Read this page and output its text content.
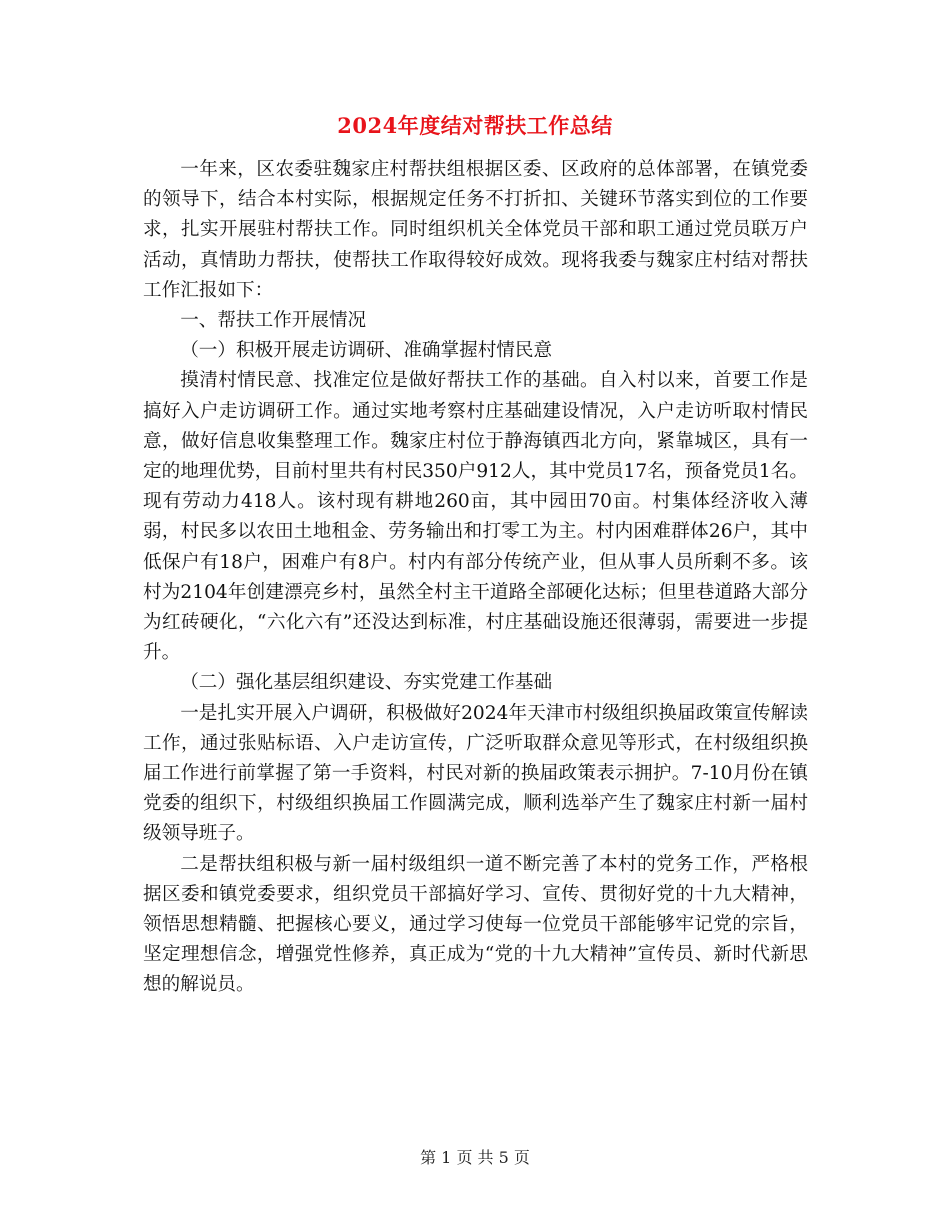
2024年度结对帮扶工作总结

一年来，区农委驻魏家庄村帮扶组根据区委、区政府的总体部署，在镇党委的领导下，结合本村实际，根据规定任务不打折扣、关键环节落实到位的工作要求，扎实开展驻村帮扶工作。同时组织机关全体党员干部和职工通过党员联万户活动，真情助力帮扶，使帮扶工作取得较好成效。现将我委与魏家庄村结对帮扶工作汇报如下：

一、帮扶工作开展情况

（一）积极开展走访调研、准确掌握村情民意

摸清村情民意、找准定位是做好帮扶工作的基础。自入村以来，首要工作是搞好入户走访调研工作。通过实地考察村庄基础建设情况，入户走访听取村情民意，做好信息收集整理工作。魏家庄村位于静海镇西北方向，紧靠城区，具有一定的地理优势，目前村里共有村民350户912人，其中党员17名，预备党员1名。现有劳动力418人。该村现有耕地260亩，其中园田70亩。村集体经济收入薄弱，村民多以农田土地租金、劳务输出和打零工为主。村内困难群体26户，其中低保户有18户，困难户有8户。村内有部分传统产业，但从事人员所剩不多。该村为2104年创建漂亮乡村，虽然全村主干道路全部硬化达标；但里巷道路大部分为红砖硬化，“六化六有”还没达到标准，村庄基础设施还很薄弱，需要进一步提升。

（二）强化基层组织建设、夯实党建工作基础

一是扎实开展入户调研，积极做好2024年天津市村级组织换届政策宣传解读工作，通过张贴标语、入户走访宣传，广泛听取群众意见等形式，在村级组织换届工作进行前掌握了第一手资料，村民对新的换届政策表示拥护。7-10月份在镇党委的组织下，村级组织换届工作圆满完成，顺利选举产生了魏家庄村新一届村级领导班子。

二是帮扶组积极与新一届村级组织一道不断完善了本村的党务工作，严格根据区委和镇党委要求，组织党员干部搞好学习、宣传、贯彻好党的十九大精神，领悟思想精髓、把握核心要义，通过学习使每一位党员干部能够牢记党的宗旨，坚定理想信念，增强党性修养，真正成为“党的十九大精神”宣传员、新时代新思想的解说员。

第 1 页 共 5 页
